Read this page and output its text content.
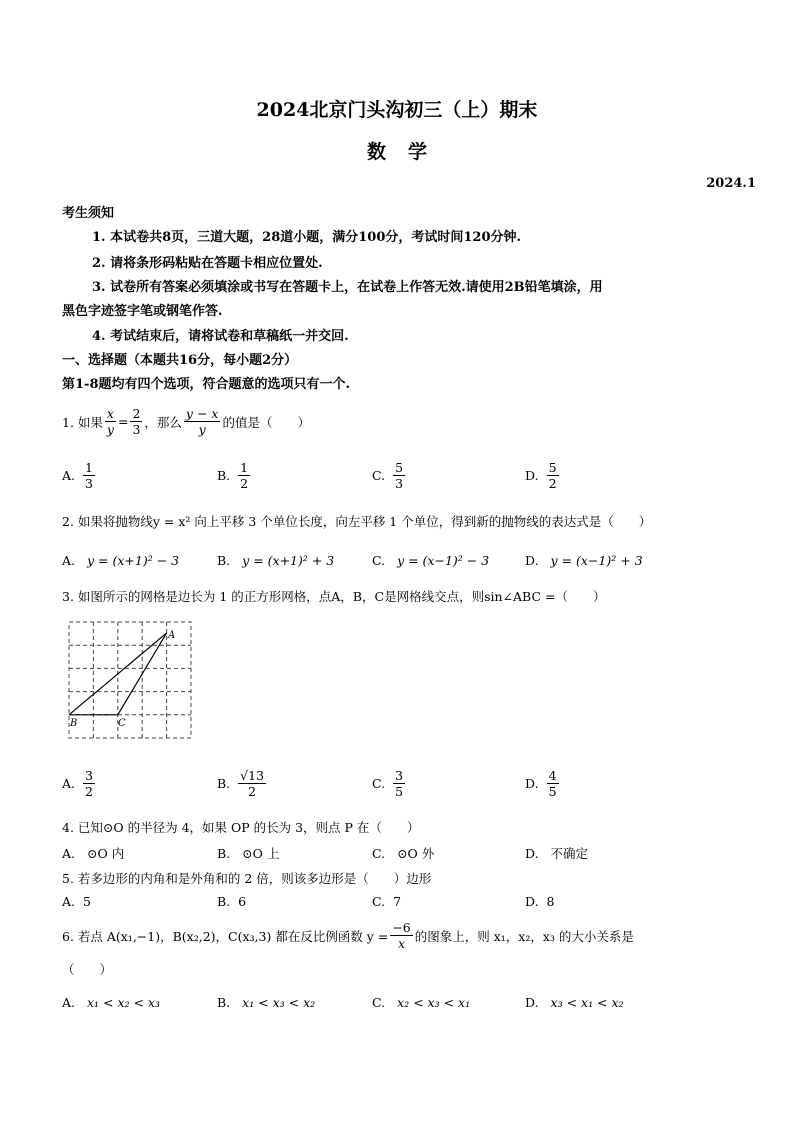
2024北京门头沟初三（上）期末
数学
2024.1
考生须知
1. 本试卷共8页，三道大题，28道小题，满分100分，考试时间120分钟.
2. 请将条形码粘贴在答题卡相应位置处.
3. 试卷所有答案必须填涂或书写在答题卡上，在试卷上作答无效.请使用2B铅笔填涂，用
黑色字迹签字笔或钢笔作答.
4. 考试结束后，请将试卷和草稿纸一并交回.
一、选择题（本题共16分，每小题2分）
第1-8题均有四个选项，符合题意的选项只有一个.
1. 如果 $\frac{x}{y} = \frac{2}{3}$ ，那么 $\frac{y - x}{y}$ 的值是（　　）
A. $\frac{1}{3}$	B. $\frac{1}{2}$	C. $\frac{5}{3}$	D. $\frac{5}{2}$
2. 如果将抛物线y = x² 向上平移 3 个单位长度，向左平移 1 个单位，得到新的抛物线的表达式是（　　）
A. y = (x+1)² − 3	B. y = (x+1)² + 3	C. y = (x−1)² − 3	D. y = (x−1)² + 3
3. 如图所示的网格是边长为 1 的正方形网格，点A，B，C是网格线交点，则sin∠ABC =（　　）
A
B	C
A. $\frac{3}{2}$	B. $\frac{√13}{2}$	C. $\frac{3}{5}$	D. $\frac{4}{5}$
4. 已知⊙O 的半径为 4，如果 OP 的长为 3，则点 P 在（　　）
A. ⊙O 内	B. ⊙O 上	C. ⊙O 外	D. 不确定
5. 若多边形的内角和是外角和的 2 倍，则该多边形是（　　）边形
A. 5	B. 6	C. 7	D. 8
6. 若点 A(x₁,−1)，B(x₂,2)，C(x₃,3) 都在反比例函数 $y = \frac{-6}{x}$ 的图象上，则 x₁，x₂，x₃ 的大小关系是
（　　）
A. x₁ < x₂ < x₃	B. x₁ < x₃ < x₂	C. x₂ < x₃ < x₁	D. x₃ < x₁ < x₂
